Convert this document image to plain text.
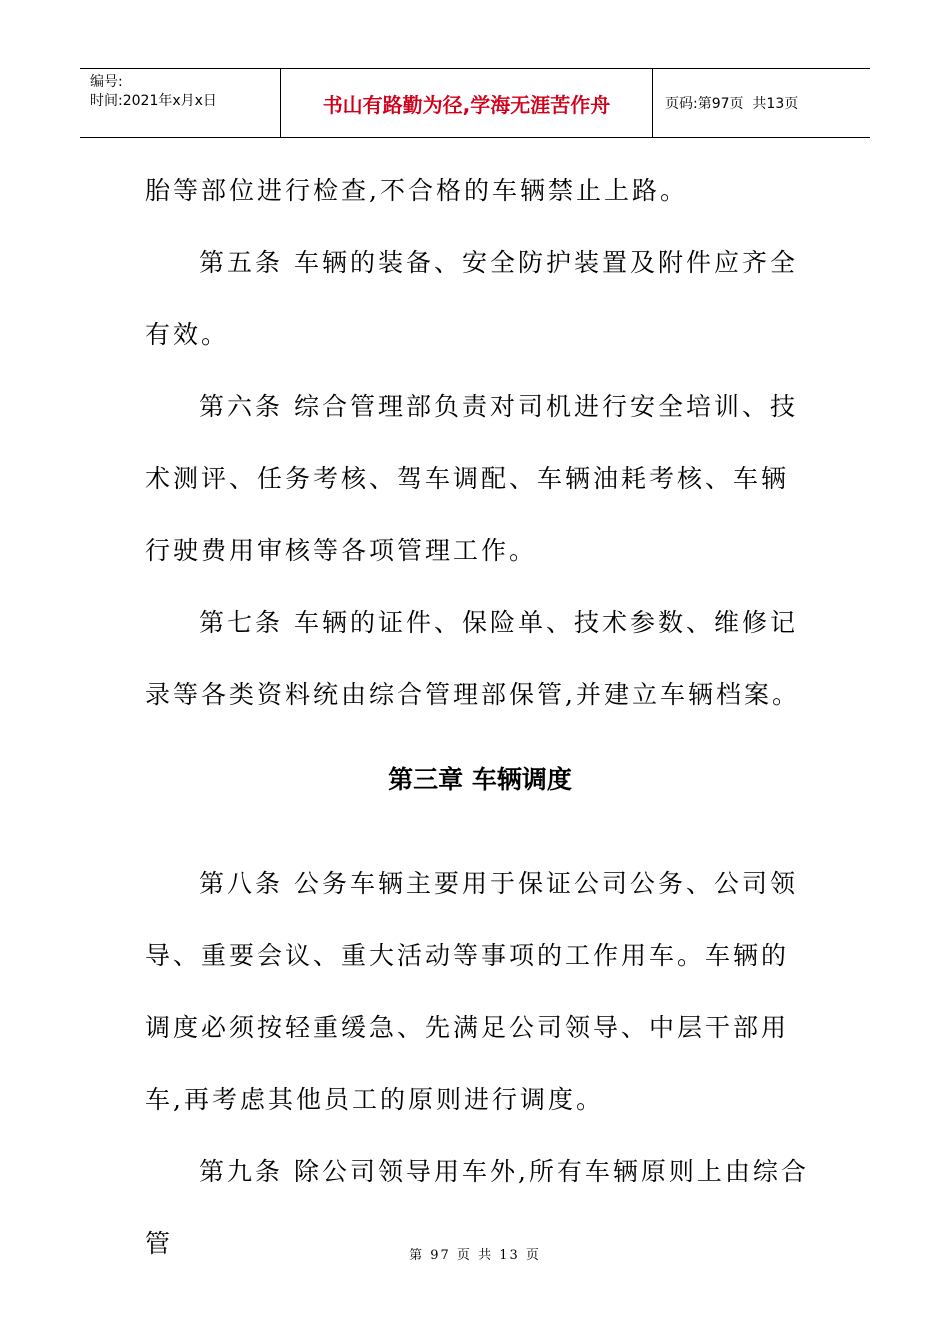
编号:
时间:2021年x月x日	书山有路勤为径,学海无涯苦作舟	页码:第97页  共13页

胎等部位进行检查,不合格的车辆禁止上路。

第五条 车辆的装备、安全防护装置及附件应齐全有效。

第六条 综合管理部负责对司机进行安全培训、技术测评、任务考核、驾车调配、车辆油耗考核、车辆行驶费用审核等各项管理工作。

第七条 车辆的证件、保险单、技术参数、维修记录等各类资料统由综合管理部保管,并建立车辆档案。

第三章 车辆调度

第八条 公务车辆主要用于保证公司公务、公司领导、重要会议、重大活动等事项的工作用车。车辆的调度必须按轻重缓急、先满足公司领导、中层干部用车,再考虑其他员工的原则进行调度。

第九条 除公司领导用车外,所有车辆原则上由综合管	第 97 页 共 13 页
